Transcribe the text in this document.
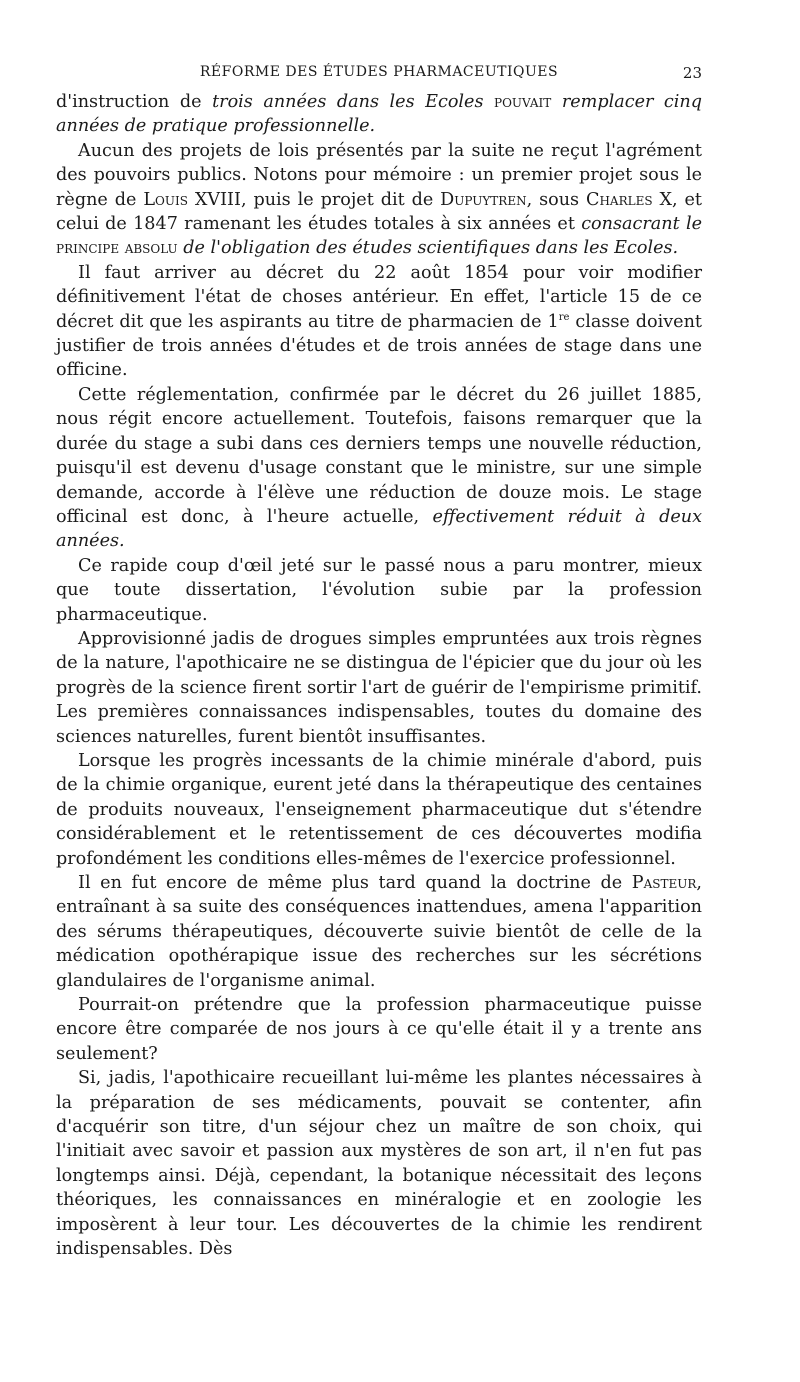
RÉFORME DES ÉTUDES PHARMACEUTIQUES	23

d'instruction de trois années dans les Ecoles pouvait remplacer cinq années de pratique professionnelle.

Aucun des projets de lois présentés par la suite ne reçut l'agrément des pouvoirs publics. Notons pour mémoire : un premier projet sous le règne de Louis XVIII, puis le projet dit de Dupuytren, sous Charles X, et celui de 1847 ramenant les études totales à six années et consacrant le principe absolu de l'obligation des études scientifiques dans les Ecoles.

Il faut arriver au décret du 22 août 1854 pour voir modifier définitivement l'état de choses antérieur. En effet, l'article 15 de ce décret dit que les aspirants au titre de pharmacien de 1re classe doivent justifier de trois années d'études et de trois années de stage dans une officine.

Cette réglementation, confirmée par le décret du 26 juillet 1885, nous régit encore actuellement. Toutefois, faisons remarquer que la durée du stage a subi dans ces derniers temps une nouvelle réduction, puisqu'il est devenu d'usage constant que le ministre, sur une simple demande, accorde à l'élève une réduction de douze mois. Le stage officinal est donc, à l'heure actuelle, effectivement réduit à deux années.

Ce rapide coup d'œil jeté sur le passé nous a paru montrer, mieux que toute dissertation, l'évolution subie par la profession pharmaceutique.

Approvisionné jadis de drogues simples empruntées aux trois règnes de la nature, l'apothicaire ne se distingua de l'épicier que du jour où les progrès de la science firent sortir l'art de guérir de l'empirisme primitif. Les premières connaissances indispensables, toutes du domaine des sciences naturelles, furent bientôt insuffisantes.

Lorsque les progrès incessants de la chimie minérale d'abord, puis de la chimie organique, eurent jeté dans la thérapeutique des centaines de produits nouveaux, l'enseignement pharmaceutique dut s'étendre considérablement et le retentissement de ces découvertes modifia profondément les conditions elles-mêmes de l'exercice professionnel.

Il en fut encore de même plus tard quand la doctrine de Pasteur, entraînant à sa suite des conséquences inattendues, amena l'apparition des sérums thérapeutiques, découverte suivie bientôt de celle de la médication opothérapique issue des recherches sur les sécrétions glandulaires de l'organisme animal.

Pourrait-on prétendre que la profession pharmaceutique puisse encore être comparée de nos jours à ce qu'elle était il y a trente ans seulement?

Si, jadis, l'apothicaire recueillant lui-même les plantes nécessaires à la préparation de ses médicaments, pouvait se contenter, afin d'acquérir son titre, d'un séjour chez un maître de son choix, qui l'initiait avec savoir et passion aux mystères de son art, il n'en fut pas longtemps ainsi. Déjà, cependant, la botanique nécessitait des leçons théoriques, les connaissances en minéralogie et en zoologie les imposèrent à leur tour. Les découvertes de la chimie les rendirent indispensables. Dès
